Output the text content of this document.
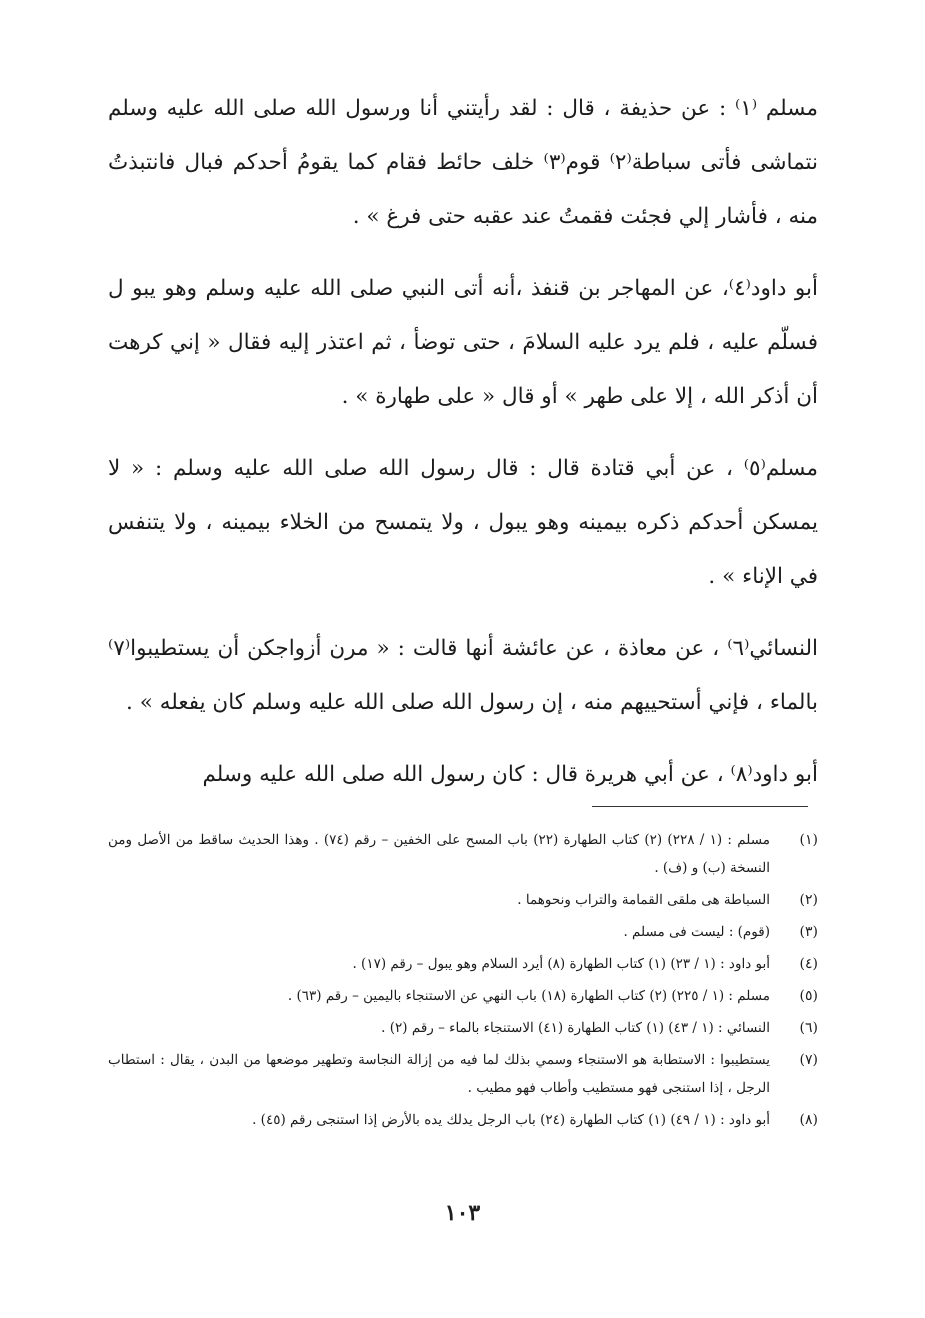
مسلم ⁽١⁾ : عن حذيفة ، قال : لقد رأيتني أنا ورسول الله صلى الله عليه وسلم نتماشى فأتى سباطة⁽٢⁾ قوم⁽٣⁾ خلف حائط فقام كما يقومُ أحدكم فبال فانتبذتُ منه ، فأشار إلي فجئت فقمتُ عند عقبه حتى فرغ » .

أبو داود⁽٤⁾، عن المهاجر بن قنفذ ،أنه أتى النبي صلى الله عليه وسلم وهو يبو ل فسلّم عليه ، فلم يرد عليه السلامَ ، حتى توضأ ، ثم اعتذر إليه فقال « إني كرهت أن أذكر الله ، إلا على طهر » أو قال « على طهارة » .

مسلم⁽٥⁾ ، عن أبي قتادة قال : قال رسول الله صلى الله عليه وسلم : « لا يمسكن أحدكم ذكره بيمينه وهو يبول ، ولا يتمسح من الخلاء بيمينه ، ولا يتنفس في الإناء » .

النسائي⁽٦⁾ ، عن معاذة ، عن عائشة أنها قالت : « مرن أزواجكن أن يستطيبوا⁽٧⁾ بالماء ، فإني أستحييهم منه ، إن رسول الله صلى الله عليه وسلم كان يفعله » .

أبو داود⁽٨⁾ ، عن أبي هريرة قال : كان رسول الله صلى الله عليه وسلم

(١)
مسلم : (١ / ٢٢٨) (٢) كتاب الطهارة (٢٢) باب المسح على الخفين – رقم (٧٤) . وهذا الحديث ساقط من الأصل ومن النسخة (ب) و (ف) .
(٢)
السباطة هى ملقى القمامة والتراب ونحوهما .
(٣)
(قوم) : ليست فى مسلم .
(٤)
أبو داود : (١ / ٢٣) (١) كتاب الطهارة (٨) أيرد السلام وهو يبول – رقم (١٧) .
(٥)
مسلم : (١ / ٢٢٥) (٢) كتاب الطهارة (١٨) باب النهي عن الاستنجاء باليمين – رقم (٦٣) .
(٦)
النسائي : (١ / ٤٣) (١) كتاب الطهارة (٤١) الاستنجاء بالماء – رقم (٢) .
(٧)
يستطيبوا : الاستطابة هو الاستنجاء وسمي بذلك لما فيه من إزالة النجاسة وتطهير موضعها من البدن ، يقال : استطاب الرجل ، إذا استنجى فهو مستطيب وأطاب فهو مطيب .
(٨)
أبو داود : (١ / ٤٩) (١) كتاب الطهارة (٢٤) باب الرجل يدلك يده بالأرض إذا استنجى رقم (٤٥) .
١٠٣
